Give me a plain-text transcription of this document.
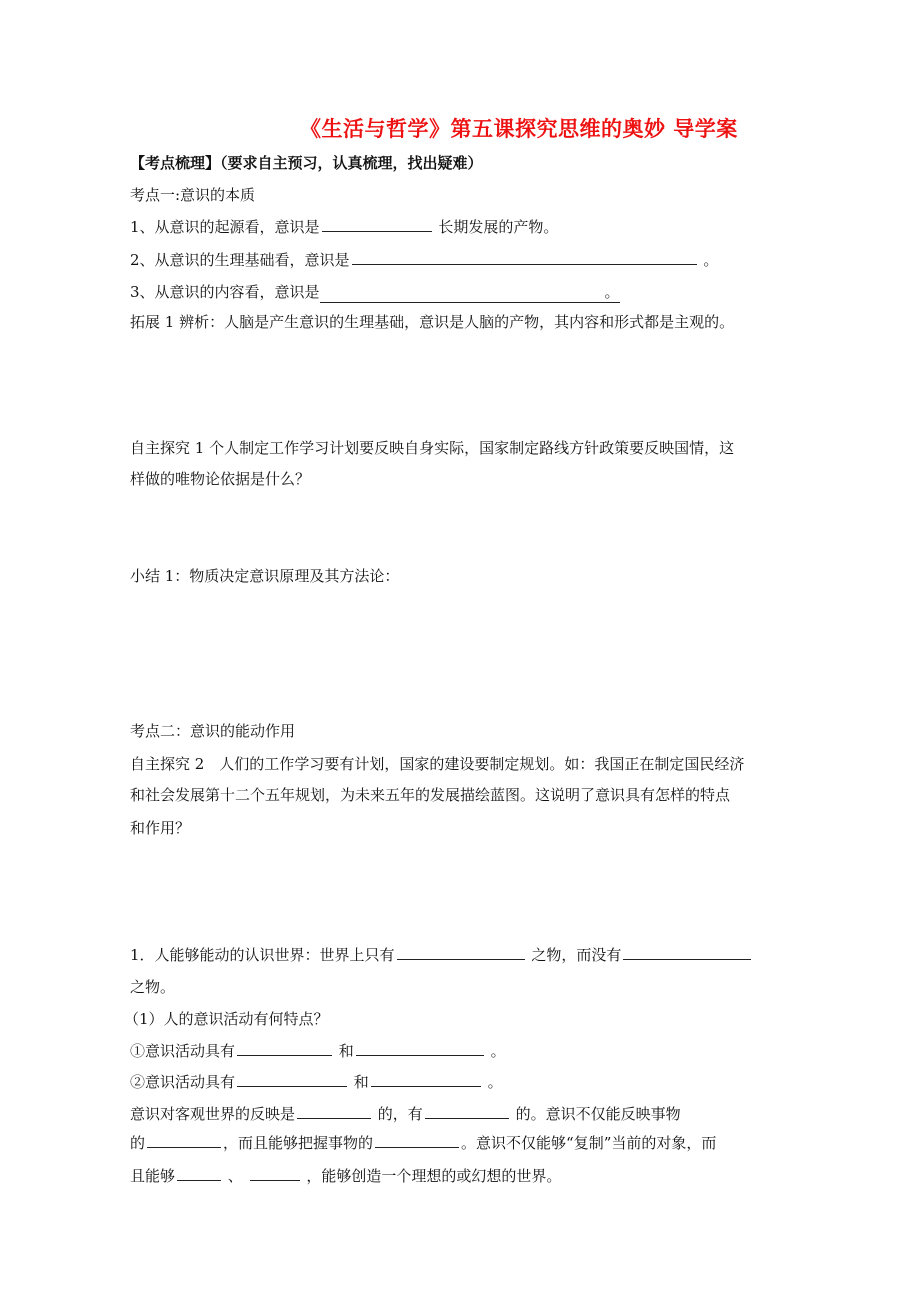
《生活与哲学》第五课探究思维的奥妙 导学案
【考点梳理】（要求自主预习，认真梳理，找出疑难）
考点一:意识的本质
1、从意识的起源看，意识是	长期发展的产物。
2、从意识的生理基础看，意识是	。
3、从意识的内容看，意识是	。
拓展 1 辨析：人脑是产生意识的生理基础，意识是人脑的产物，其内容和形式都是主观的。
自主探究 1 个人制定工作学习计划要反映自身实际，国家制定路线方针政策要反映国情，这
样做的唯物论依据是什么？
小结 1：物质决定意识原理及其方法论：
考点二：意识的能动作用
自主探究 2　人们的工作学习要有计划，国家的建设要制定规划。如：我国正在制定国民经济
和社会发展第十二个五年规划，为未来五年的发展描绘蓝图。这说明了意识具有怎样的特点
和作用？
1．人能够能动的认识世界：世界上只有	之物，而没有
之物。
（1）人的意识活动有何特点？
①意识活动具有	和	。
②意识活动具有	和	。
意识对客观世界的反映是	的，有	的。意识不仅能反映事物
的	，而且能够把握事物的	。意识不仅能够“复制”当前的对象，而
且能够	、	，能够创造一个理想的或幻想的世界。
